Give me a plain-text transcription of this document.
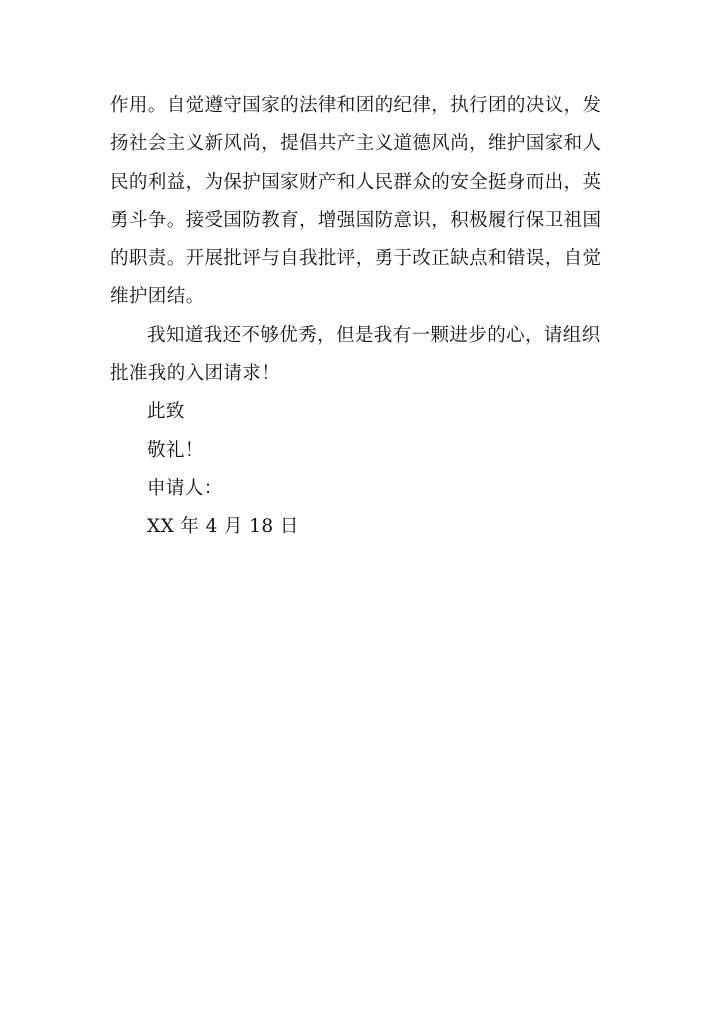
作用。自觉遵守国家的法律和团的纪律，执行团的决议，发
扬社会主义新风尚，提倡共产主义道德风尚，维护国家和人
民的利益，为保护国家财产和人民群众的安全挺身而出，英
勇斗争。接受国防教育，增强国防意识，积极履行保卫祖国
的职责。开展批评与自我批评，勇于改正缺点和错误，自觉
维护团结。
我知道我还不够优秀，但是我有一颗进步的心，请组织
批准我的入团请求！
此致
敬礼！
申请人：
XX 年 4 月 18 日
